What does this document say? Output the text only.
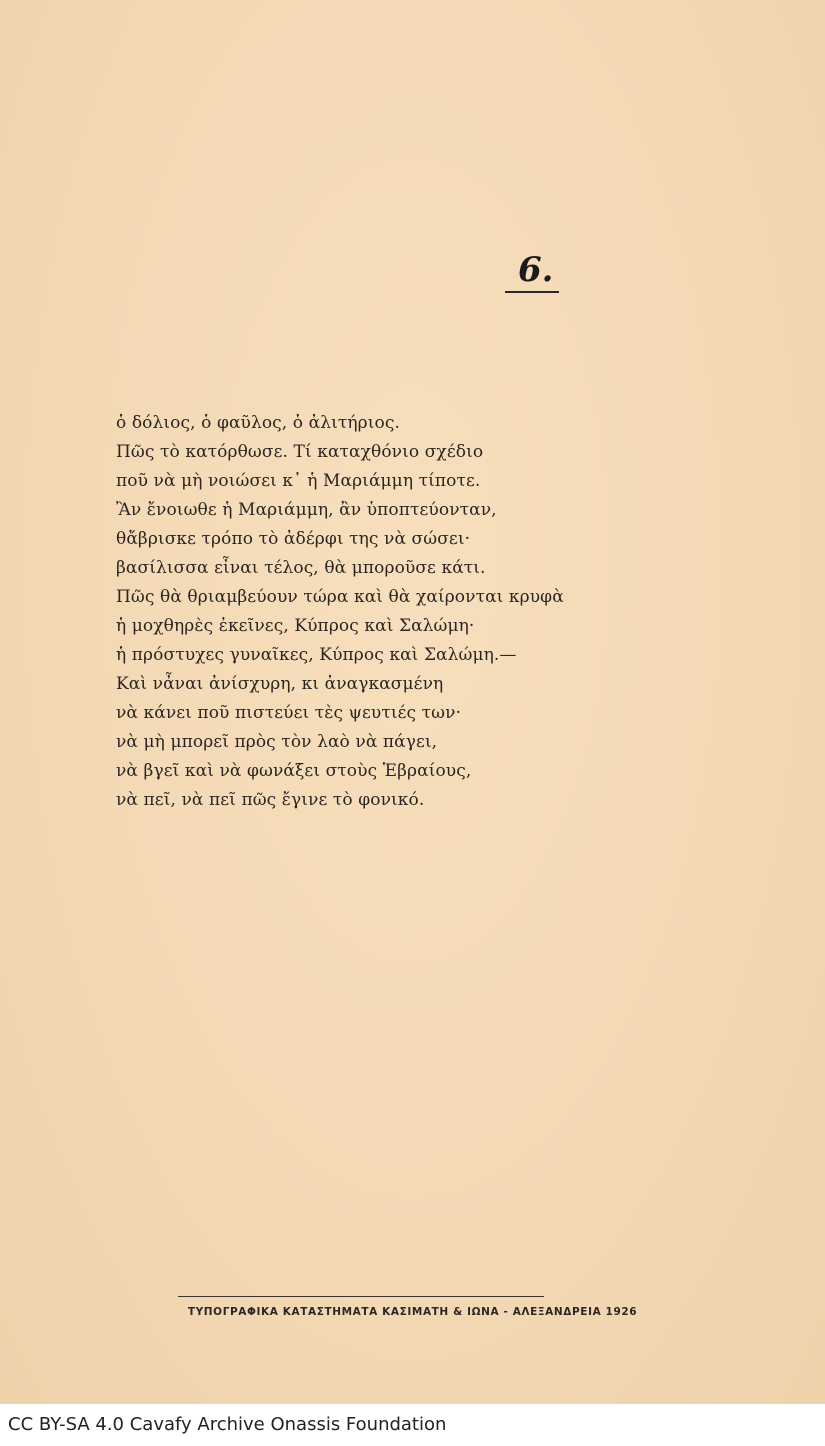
6.
ὁ δόλιος, ὁ φαῦλος, ὁ ἀλιτήριος.
Πῶς τὸ κατόρθωσε. Τί καταχθόνιο σχέδιο
ποῦ νὰ μὴ νοιώσει κ᾿ ἡ Μαριάμμη τίποτε.
Ἂν ἔνοιωθε ἡ Μαριάμμη, ἂν ὑποπτεύονταν,
θἄβρισκε τρόπο τὸ ἀδέρφι της νὰ σώσει·
βασίλισσα εἶναι τέλος, θὰ μποροῦσε κάτι.
Πῶς θὰ θριαμβεύουν τώρα καὶ θὰ χαίρονται κρυφὰ
ἡ μοχθηρὲς ἐκεῖνες, Κύπρος καὶ Σαλώμη·
ἡ πρόστυχες γυναῖκες, Κύπρος καὶ Σαλώμη.—
Καὶ νἆναι ἀνίσχυρη, κι ἀναγκασμένη
νὰ κάνει ποῦ πιστεύει τὲς ψευτιές των·
νὰ μὴ μπορεῖ πρὸς τὸν λαὸ νὰ πάγει,
νὰ βγεῖ καὶ νὰ φωνάξει στοὺς Ἑβραίους,
νὰ πεῖ, νὰ πεῖ πῶς ἔγινε τὸ φονικό.
ΤΥΠΟΓΡΑΦΙΚΑ ΚΑΤΑΣΤΗΜΑΤΑ ΚΑΣΙΜΑΤΗ & ΙΩΝΑ - ΑΛΕΞΑΝΔΡΕΙΑ 1926
CC BY-SA 4.0 Cavafy Archive Onassis Foundation
